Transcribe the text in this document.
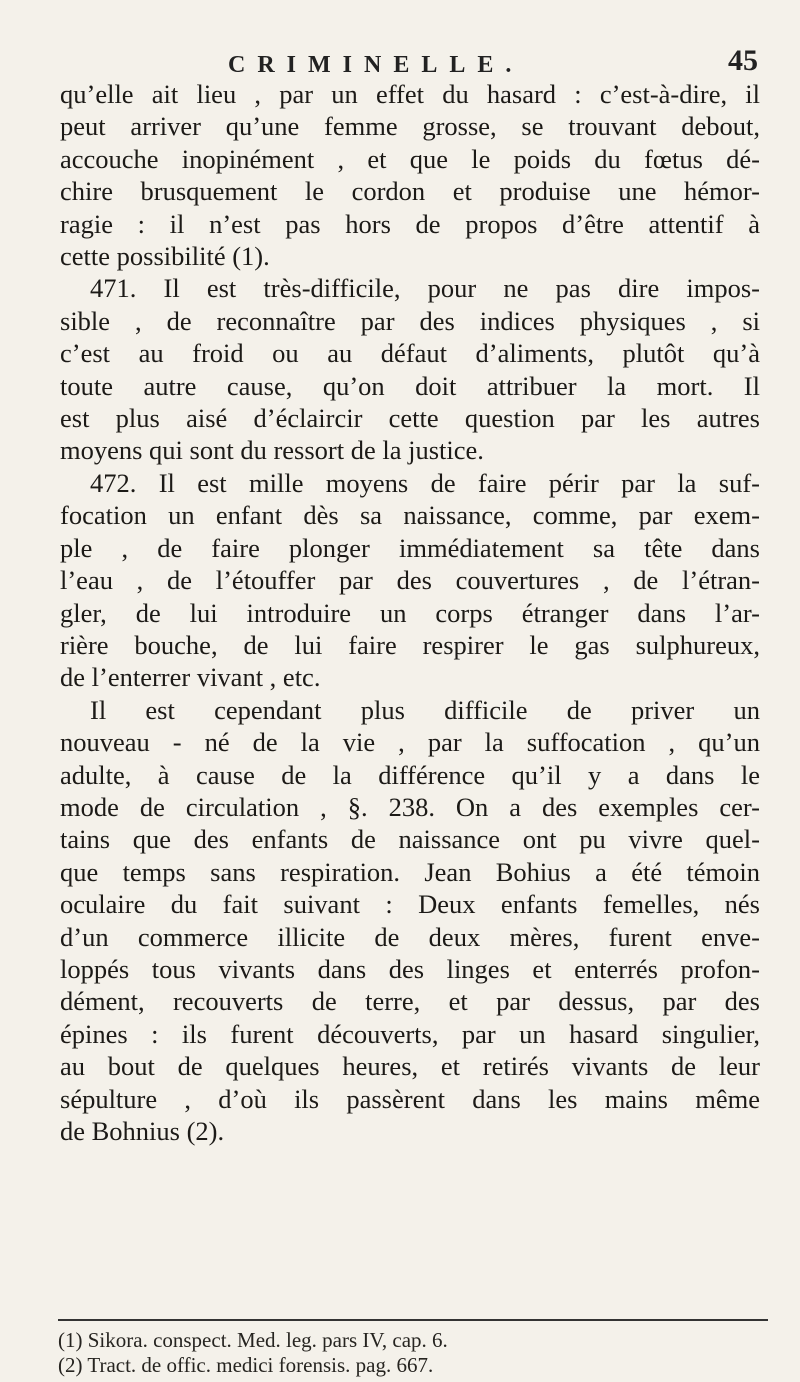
CRIMINELLE.	45
qu’elle ait lieu , par un effet du hasard : c’est-à-dire, il
peut arriver qu’une femme grosse, se trouvant debout,
accouche inopinément , et que le poids du fœtus dé-
chire brusquement le cordon et produise une hémor-
ragie : il n’est pas hors de propos d’être attentif à
cette possibilité (1).
471. Il est très-difficile, pour ne pas dire impos-
sible , de reconnaître par des indices physiques , si
c’est au froid ou au défaut d’aliments, plutôt qu’à
toute autre cause, qu’on doit attribuer la mort. Il
est plus aisé d’éclaircir cette question par les autres
moyens qui sont du ressort de la justice.
472. Il est mille moyens de faire périr par la suf-
focation un enfant dès sa naissance, comme, par exem-
ple , de faire plonger immédiatement sa tête dans
l’eau , de l’étouffer par des couvertures , de l’étran-
gler, de lui introduire un corps étranger dans l’ar-
rière bouche, de lui faire respirer le gas sulphureux,
de l’enterrer vivant , etc.
Il est cependant plus difficile de priver un
nouveau - né de la vie , par la suffocation , qu’un
adulte, à cause de la différence qu’il y a dans le
mode de circulation , §. 238. On a des exemples cer-
tains que des enfants de naissance ont pu vivre quel-
que temps sans respiration. Jean Bohius a été témoin
oculaire du fait suivant : Deux enfants femelles, nés
d’un commerce illicite de deux mères, furent enve-
loppés tous vivants dans des linges et enterrés profon-
dément, recouverts de terre, et par dessus, par des
épines : ils furent découverts, par un hasard singulier,
au bout de quelques heures, et retirés vivants de leur
sépulture , d’où ils passèrent dans les mains même
de Bohnius (2).
(1) Sikora. conspect. Med. leg. pars IV, cap. 6.
(2) Tract. de offic. medici forensis. pag. 667.
